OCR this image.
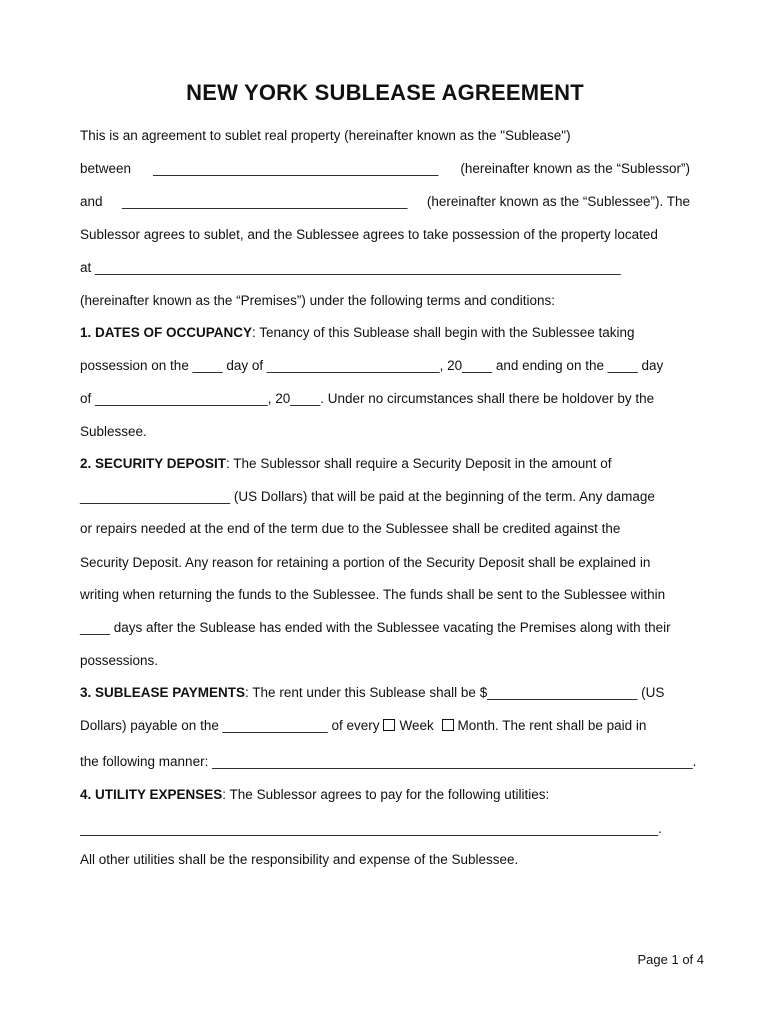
NEW YORK SUBLEASE AGREEMENT
This is an agreement to sublet real property (hereinafter known as the "Sublease")
between ______________________________________ (hereinafter known as the “Sublessor”)
and ______________________________________ (hereinafter known as the “Sublessee”). The
Sublessor agrees to sublet, and the Sublessee agrees to take possession of the property located
at ______________________________________________________________________
(hereinafter known as the “Premises”) under the following terms and conditions:
1. DATES OF OCCUPANCY: Tenancy of this Sublease shall begin with the Sublessee taking
possession on the ____ day of _______________________, 20____ and ending on the ____ day
of _______________________, 20____. Under no circumstances shall there be holdover by the
Sublessee.
2. SECURITY DEPOSIT: The Sublessor shall require a Security Deposit in the amount of
____________________ (US Dollars) that will be paid at the beginning of the term. Any damage
or repairs needed at the end of the term due to the Sublessee shall be credited against the
Security Deposit. Any reason for retaining a portion of the Security Deposit shall be explained in
writing when returning the funds to the Sublessee. The funds shall be sent to the Sublessee within
____ days after the Sublease has ended with the Sublessee vacating the Premises along with their
possessions.
3. SUBLEASE PAYMENTS: The rent under this Sublease shall be $____________________ (US
Dollars) payable on the ______________ of every Week Month. The rent shall be paid in
the following manner: ________________________________________________________________.
4. UTILITY EXPENSES: The Sublessor agrees to pay for the following utilities:
_____________________________________________________________________________.
All other utilities shall be the responsibility and expense of the Sublessee.
Page 1 of 4
